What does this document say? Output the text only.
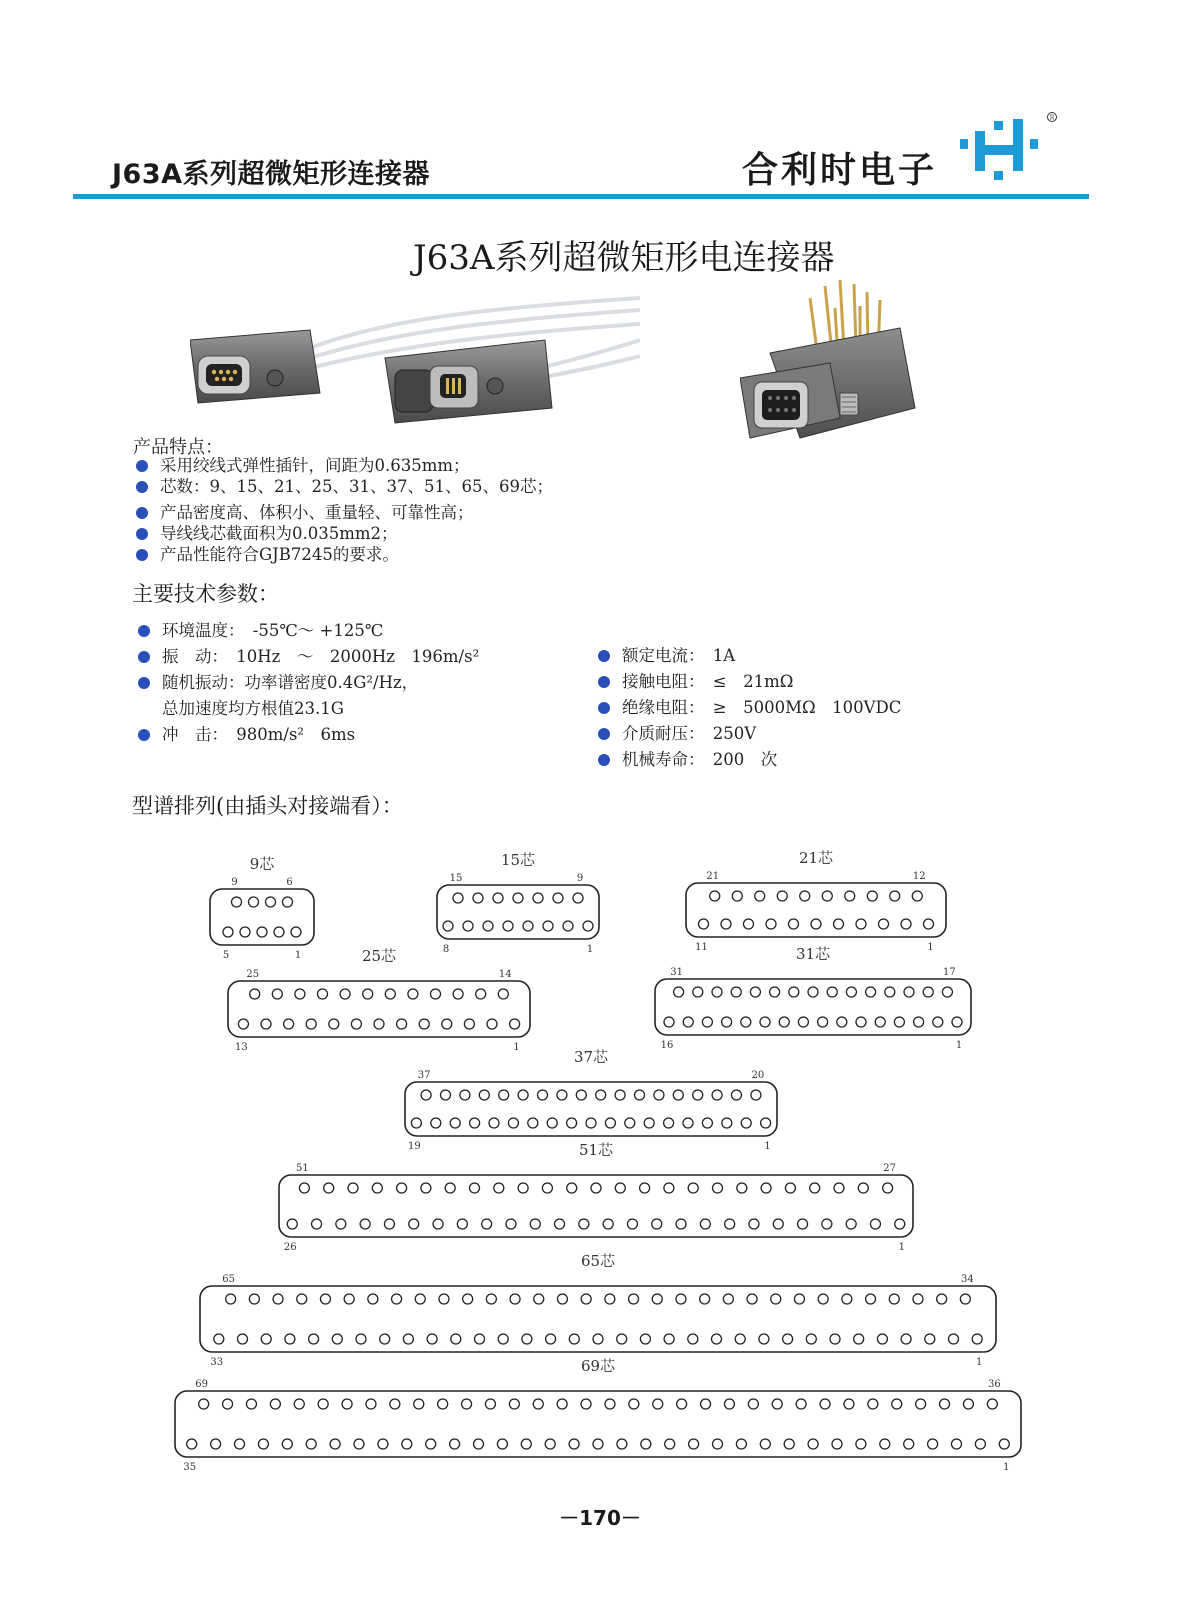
J63A系列超微矩形连接器	合利时电子
R
J63A系列超微矩形电连接器
产品特点：
采用绞线式弹性插针，间距为0.635mm；
芯数：9、15、21、25、31、37、51、65、69芯；
产品密度高、体积小、重量轻、可靠性高；
导线线芯截面积为0.035mm2；
产品性能符合GJB7245的要求。
主要技术参数：
环境温度：　-55℃～ +125℃
振　动：　10Hz　～　2000Hz　196m/s²
随机振动：功率谱密度0.4G²/Hz，
总加速度均方根值23.1G
冲　击：　980m/s²　6ms
额定电流：　1A
接触电阻：　≤　21mΩ
绝缘电阻：　≥　5000MΩ　100VDC
介质耐压：　250V
机械寿命：　200　次
型谱排列(由插头对接端看）：
9芯
9	6
5	1
15芯
15	9
8	1
21芯
21	12
11	1
25芯
25	14
13	1
31芯
31	17
16	1
37芯
37	20
19	1
51芯
51	27
26	1
65芯
65	34
33	1
69芯
69	36
35	1
－170－
